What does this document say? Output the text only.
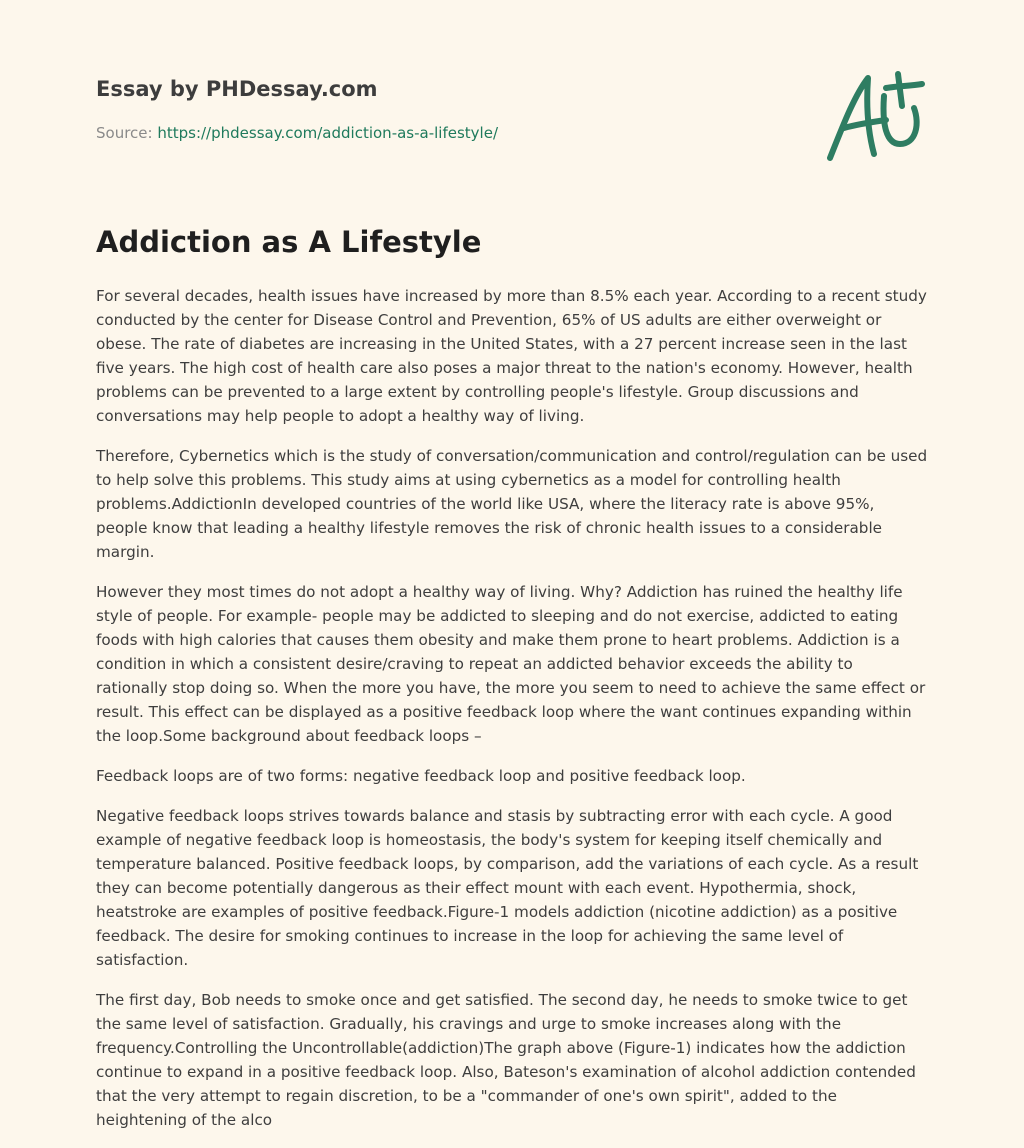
Essay by PHDessay.com

Source: https://phdessay.com/addiction-as-a-lifestyle/

Addiction as A Lifestyle

For several decades, health issues have increased by more than 8.5% each year. According to a recent study conducted by the center for Disease Control and Prevention, 65% of US adults are either overweight or obese. The rate of diabetes are increasing in the United States, with a 27 percent increase seen in the last five years. The high cost of health care also poses a major threat to the nation's economy. However, health problems can be prevented to a large extent by controlling people's lifestyle. Group discussions and conversations may help people to adopt a healthy way of living.

Therefore, Cybernetics which is the study of conversation/communication and control/regulation can be used to help solve this problems. This study aims at using cybernetics as a model for controlling health problems.AddictionIn developed countries of the world like USA, where the literacy rate is above 95%, people know that leading a healthy lifestyle removes the risk of chronic health issues to a considerable margin.

However they most times do not adopt a healthy way of living. Why? Addiction has ruined the healthy life style of people. For example- people may be addicted to sleeping and do not exercise, addicted to eating foods with high calories that causes them obesity and make them prone to heart problems. Addiction is a condition in which a consistent desire/craving to repeat an addicted behavior exceeds the ability to rationally stop doing so. When the more you have, the more you seem to need to achieve the same effect or result. This effect can be displayed as a positive feedback loop where the want continues expanding within the loop.Some background about feedback loops –

Feedback loops are of two forms: negative feedback loop and positive feedback loop.

Negative feedback loops strives towards balance and stasis by subtracting error with each cycle. A good example of negative feedback loop is homeostasis, the body's system for keeping itself chemically and temperature balanced. Positive feedback loops, by comparison, add the variations of each cycle. As a result they can become potentially dangerous as their effect mount with each event. Hypothermia, shock, heatstroke are examples of positive feedback.Figure-1 models addiction (nicotine addiction) as a positive feedback. The desire for smoking continues to increase in the loop for achieving the same level of satisfaction.

The first day, Bob needs to smoke once and get satisfied. The second day, he needs to smoke twice to get the same level of satisfaction. Gradually, his cravings and urge to smoke increases along with the frequency.Controlling the Uncontrollable(addiction)The graph above (Figure-1) indicates how the addiction continue to expand in a positive feedback loop. Also, Bateson's examination of alcohol addiction contended that the very attempt to regain discretion, to be a "commander of one's own spirit", added to the heightening of the alco
